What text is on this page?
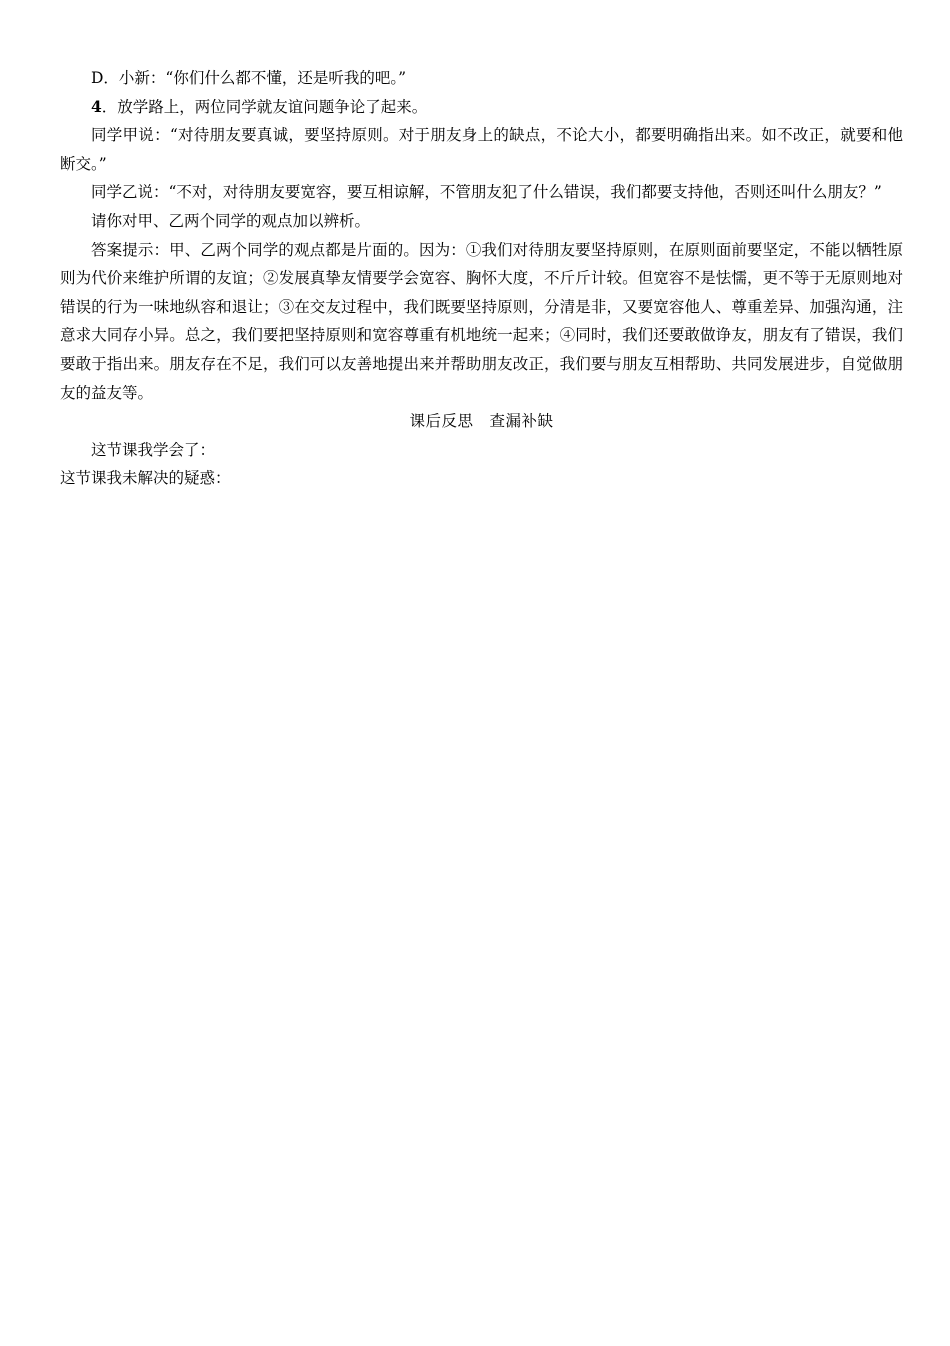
D．小新：“你们什么都不懂，还是听我的吧。”

4．放学路上，两位同学就友谊问题争论了起来。

同学甲说：“对待朋友要真诚，要坚持原则。对于朋友身上的缺点，不论大小，都要明确指出来。如不改正，就要和他断交。”

同学乙说：“不对，对待朋友要宽容，要互相谅解，不管朋友犯了什么错误，我们都要支持他，否则还叫什么朋友？”

请你对甲、乙两个同学的观点加以辨析。

答案提示：甲、乙两个同学的观点都是片面的。因为：①我们对待朋友要坚持原则，在原则面前要坚定，不能以牺牲原则为代价来维护所谓的友谊；②发展真挚友情要学会宽容、胸怀大度，不斤斤计较。但宽容不是怯懦，更不等于无原则地对错误的行为一味地纵容和退让；③在交友过程中，我们既要坚持原则，分清是非，又要宽容他人、尊重差异、加强沟通，注意求大同存小异。总之，我们要把坚持原则和宽容尊重有机地统一起来；④同时，我们还要敢做诤友，朋友有了错误，我们要敢于指出来。朋友存在不足，我们可以友善地提出来并帮助朋友改正，我们要与朋友互相帮助、共同发展进步，自觉做朋友的益友等。

课后反思　查漏补缺

这节课我学会了：

这节课我未解决的疑惑：
